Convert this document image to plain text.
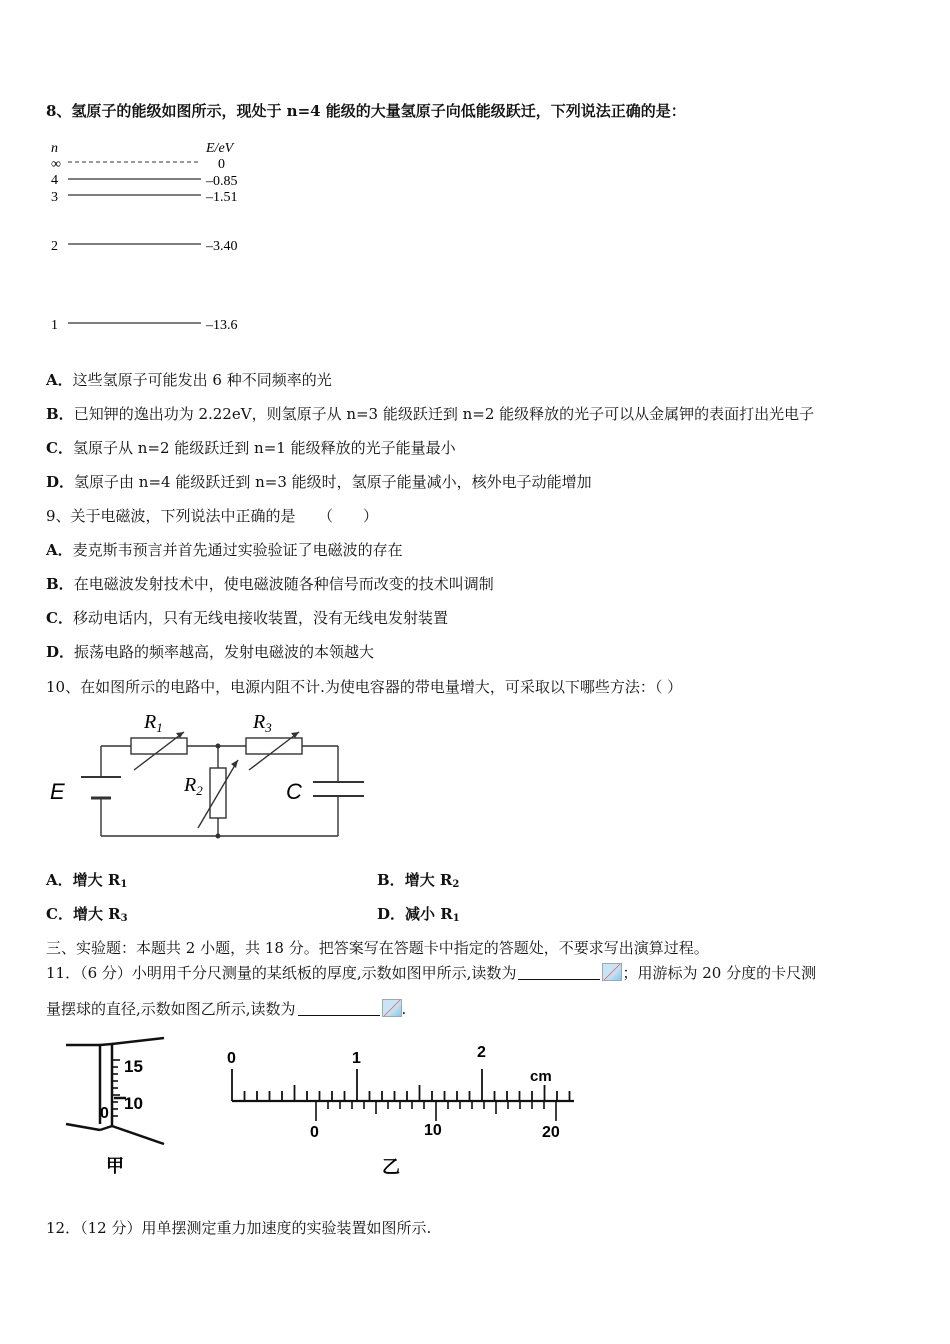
8、氢原子的能级如图所示，现处于 n=4 能级的大量氢原子向低能级跃迁，下列说法正确的是：
n	E/eV
∞	0
4	–0.85
3	–1.51
2	–3.40
1	–13.6
A．这些氢原子可能发出 6 种不同频率的光
B．已知钾的逸出功为 2.22eV，则氢原子从 n=3 能级跃迁到 n=2 能级释放的光子可以从金属钾的表面打出光电子
C．氢原子从 n=2 能级跃迁到 n=1 能级释放的光子能量最小
D．氢原子由 n=4 能级跃迁到 n=3 能级时，氢原子能量减小，核外电子动能增加
9、关于电磁波，下列说法中正确的是　　（　　）
A．麦克斯韦预言并首先通过实验验证了电磁波的存在
B．在电磁波发射技术中，使电磁波随各种信号而改变的技术叫调制
C．移动电话内，只有无线电接收装置，没有无线电发射装置
D．振荡电路的频率越高，发射电磁波的本领越大
10、在如图所示的电路中，电源内阻不计.为使电容器的带电量增大，可采取以下哪些方法：（ ）
$R_1$	$R_3$
$R_2$
E	C
A．增大 $R_1$	B．增大 $R_2$
C．增大 $R_3$	D．减小 $R_1$
三、实验题：本题共 2 小题，共 18 分。把答案写在答题卡中指定的答题处，不要求写出演算过程。
11．（6 分）小明用千分尺测量的某纸板的厚度,示数如图甲所示,读数为	；用游标为 20 分度的卡尺测
量摆球的直径,示数如图乙所示,读数为	.
15
10
0
甲
0	1	2
cm
0	10	20
乙
12．（12 分）用单摆测定重力加速度的实验装置如图所示.
